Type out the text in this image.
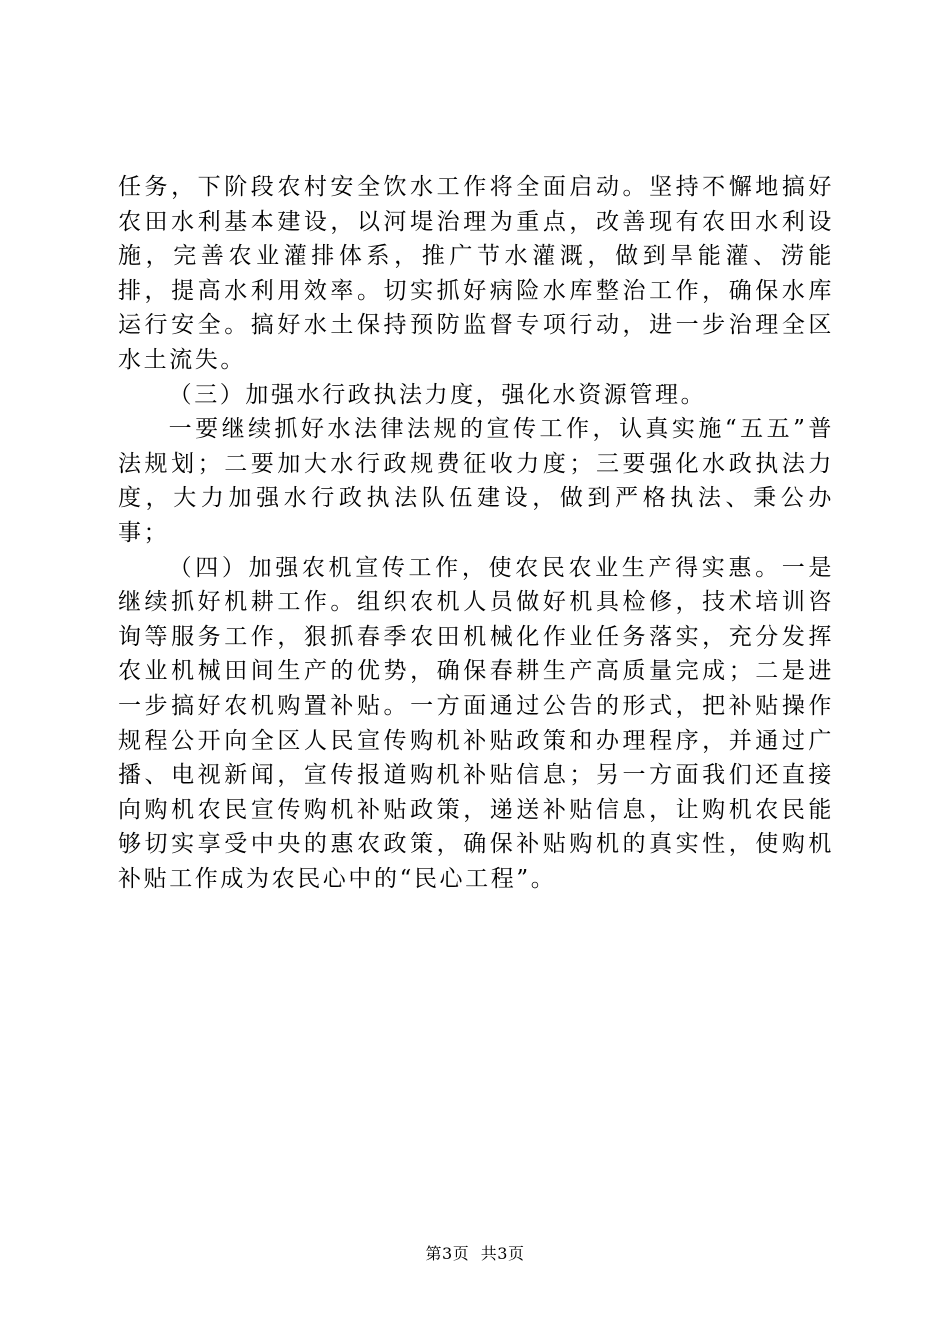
任务，下阶段农村安全饮水工作将全面启动。坚持不懈地搞好农田水利基本建设，以河堤治理为重点，改善现有农田水利设施，完善农业灌排体系，推广节水灌溉，做到旱能灌、涝能排，提高水利用效率。切实抓好病险水库整治工作，确保水库运行安全。搞好水土保持预防监督专项行动，进一步治理全区水土流失。

（三）加强水行政执法力度，强化水资源管理。

一要继续抓好水法律法规的宣传工作，认真实施“五五”普法规划；二要加大水行政规费征收力度；三要强化水政执法力度，大力加强水行政执法队伍建设，做到严格执法、秉公办事；

（四）加强农机宣传工作，使农民农业生产得实惠。一是继续抓好机耕工作。组织农机人员做好机具检修，技术培训咨询等服务工作，狠抓春季农田机械化作业任务落实，充分发挥农业机械田间生产的优势，确保春耕生产高质量完成；二是进一步搞好农机购置补贴。一方面通过公告的形式，把补贴操作规程公开向全区人民宣传购机补贴政策和办理程序，并通过广播、电视新闻，宣传报道购机补贴信息；另一方面我们还直接向购机农民宣传购机补贴政策，递送补贴信息，让购机农民能够切实享受中央的惠农政策，确保补贴购机的真实性，使购机补贴工作成为农民心中的“民心工程”。

第3页 共3页
